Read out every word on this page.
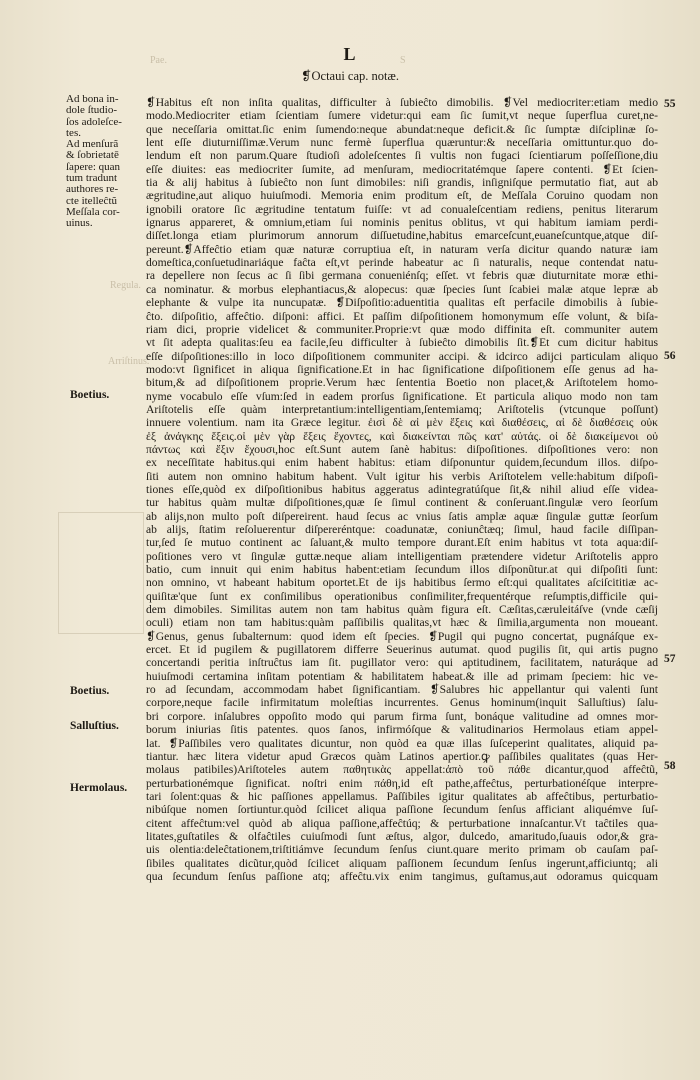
Pae.	S
Regula.
Arriſtinus.
L
❡Octaui cap. notæ.
Ad bona in-
dole ſtudio-
ſos adoleſce-
tes.
Ad menſurã
& ſobrietatē
ſapere: quan
tum tradunt
authores re-
cte itelleĉtũ
Meſſala cor-
uinus.
Boetius.
Boetius.
Salluſtius.
Hermolaus.
55
56
57
58
❡Habitus eſt non inſita qualitas, difficulter à ſubieĉto dimobilis. ❡Vel mediocriter:etiam medio
modo.Mediocriter etiam ſcientiam ſumere videtur:qui eam ſic ſumit,vt neque ſuperflua curet,ne-
que neceſſaria omittat.ſic enim ſumendo:neque abundat:neque deficit.& ſic ſumptæ diſciplinæ ſo-
lent eſſe diuturniſſimæ.Verum nunc fermè ſuperflua quæruntur:& neceſſaria omittuntur.quo do-
lendum eſt non parum.Quare ſtudioſi adoleſcentes ſi vultis non fugaci ſcientiarum poſſeſſione,diu
eſſe diuites: eas mediocriter ſumite, ad menſuram, mediocritatémque ſapere contenti. ❡Et ſcien-
tia & alij habitus à ſubieĉto non ſunt dimobiles: niſi grandis, inſigniſque permutatio fiat, aut ab
ægritudine,aut aliquo huiuſmodi. Memoria enim proditum eſt, de Meſſala Coruino quodam non
ignobili oratore ſic ægritudine tentatum fuiſſe: vt ad conualeſcentiam rediens, penitus literarum
ignarus appareret, & omnium,etiam ſui nominis penitus oblitus, vt qui habitum iamiam perdi-
diſſet.longa etiam plurimorum annorum diſſuetudine,habitus emarceſcunt,euaneſcuntque,atque diſ-
pereunt.❡Affeĉtio etiam quæ naturæ corruptiua eſt, in naturam verſa dicitur quando naturæ iam
domeſtica,conſuetudinariáque faĉta eſt,vt perinde habeatur ac ſi naturalis, neque contendat natu-
ra depellere non ſecus ac ſi ſibi germana conueniénſq; eſſet. vt febris quæ diuturnitate moræ ethi-
ca nominatur. & morbus elephantiacus,& alopecus: quæ ſpecies ſunt ſcabiei malæ atque lepræ ab
elephante & vulpe ita nuncupatæ. ❡Diſpoſitio:aduentitia qualitas eſt perfacile dimobilis à ſubie-
ĉto. diſpoſitio, affeĉtio. diſponi: affici. Et paſſim diſpoſitionem homonymum eſſe volunt, & biſa-
riam dici, proprie videlicet & communiter.Proprie:vt quæ modo diffinita eſt. communiter autem
vt ſit adepta qualitas:ſeu ea facile,ſeu difficulter à ſubieĉto dimobilis ſit.❡Et cum dicitur habitus
eſſe diſpoſitiones:illo in loco diſpoſitionem communiter accipi. & idcirco adijci particulam aliquo
modo:vt ſignificet in aliqua ſignificatione.Et in hac ſignificatione diſpoſitionem eſſe genus ad ha-
bitum,& ad diſpoſitionem proprie.Verum hæc ſententia Boetio non placet,& Ariſtotelem homo-
nyme vocabulo eſſe vſum:ſed in eadem prorſus ſignificatione. Et particula aliquo modo non tam
Ariſtotelis eſſe quàm interpretantium:intelligentiam,ſentemiamq; Ariſtotelis (vtcunque poſſunt)
innuere volentium. nam ita Græce legitur. ἐισὶ δὲ αἱ μὲν ἕξεις καὶ διαθέσεις, αἱ δὲ διαθέσεις οὐκ
ἐξ ἀνάγκης ἕξεις.οἱ μὲν γὰρ ἕξεις ἔχοντες, καὶ διακείνται πῶς κατ' αὐτάς. οἱ δὲ διακείμενοι οὐ
πάντως καὶ ἕξιν ἔχουσι,hoc eſt.Sunt autem ſanè habitus: diſpoſitiones. diſpoſitiones vero: non
ex neceſſitate habitus.qui enim habent habitus: etiam diſponuntur quidem,ſecundum illos. diſpo-
ſiti autem non omnino habitum habent. Vult igitur his verbis Ariſtotelem velle:habitum diſpoſi-
tiones eſſe,quòd ex diſpoſitionibus habitus aggeratus adintegratúſque ſit,& nihil aliud eſſe videa-
tur habitus quàm multæ diſpoſitiones,quæ ſe ſimul continent & conſeruant.ſingulæ vero ſeorſum
ab alijs,non multo poſt diſpereirent. haud ſecus ac vnius ſatis amplæ aquæ ſingulæ guttæ ſeorſum
ab alijs, ſtatim reſoluerentur diſpereréntque: coadunatæ, coniunĉtæq; ſimul, haud facile diſſipan-
tur,ſed ſe mutuo continent ac ſaluant,& multo tempore durant.Eſt enim habitus vt tota aqua:diſ-
poſitiones vero vt ſingulæ guttæ.neque aliam intelligentiam prætendere videtur Ariſtotelis appro
batio, cum innuit qui enim habitus habent:etiam ſecundum illos diſponũtur.at qui diſpoſiti ſunt:
non omnino, vt habeant habitum oportet.Et de ijs habitibus ſermo eſt:qui qualitates aſciſcititiæ ac-
quiſitæ'que ſunt ex conſimilibus operationibus conſimiliter,frequentérque reſumptis,difficile qui-
dem dimobiles. Similitas autem non tam habitus quàm figura eſt. Cæſitas,cæruleitáſve (vnde cæſij
oculi) etiam non tam habitus:quàm paſſibilis qualitas,vt hæc & ſimilia,argumenta non moueant.
❡Genus, genus ſubalternum: quod idem eſt ſpecies. ❡Pugil qui pugno concertat, pugnáſque ex-
ercet. Et id pugilem & pugillatorem differre Seuerinus autumat. quod pugilis ſit, qui artis pugno
concertandi peritia inſtruĉtus iam ſit. pugillator vero: qui aptitudinem, facilitatem, naturáque ad
huiuſmodi certamina inſitam potentiam & habilitatem habeat.& ille ad primam ſpeciem: hic ve-
ro ad ſecundam, accommodam habet ſignificantiam. ❡Salubres hic appellantur qui valenti ſunt
corpore,neque facile infirmitatum moleſtias incurrentes. Genus hominum(inquit Salluſtius) ſalu-
bri corpore. inſalubres oppoſito modo qui parum firma ſunt, bonáque valitudine ad omnes mor-
borum iniurias ſitis patentes. quos ſanos, infirmóſque & valitudinarios Hermolaus etiam appel-
lat. ❡Paſſibiles vero qualitates dicuntur, non quòd ea quæ illas ſuſceperint qualitates, aliquid pa-
tiantur. hæc litera videtur apud Græcos quàm Latinos apertior.ꝙ paſſibiles qualitates (quas Her-
molaus patibiles)Ariſtoteles autem παθητικὰς appellat:ἀπὸ τοῦ πάθε dicantur,quod affeĉtũ,
perturbationémque ſignificat. noſtri enim πάθη,id eſt pathe,affeĉtus, perturbationéſque interpre-
tari ſolent:quas & hic paſſiones appellamus. Paſſibiles igitur qualitates ab affeĉtibus, perturbatio-
nibúſque nomen ſortiuntur.quòd ſcilicet aliqua paſſione ſecundum ſenſus afficiant aliquémve ſuſ-
citent affeĉtum:vel quòd ab aliqua paſſione,affeĉtúq; & perturbatione innaſcantur.Vt taĉtiles qua-
litates,guſtatiles & olfaĉtiles cuiuſmodi ſunt æſtus, algor, dulcedo, amaritudo,ſuauis odor,& gra-
uis olentia:deleĉtationem,triſtitiámve ſecundum ſenſus ciunt.quare merito primam ob cauſam paſ-
ſibiles qualitates dicũtur,quòd ſcilicet aliquam paſſionem ſecundum ſenſus ingerunt,afficiuntq; ali
qua ſecundum ſenſus paſſione atq; affeĉtu.vix enim tangimus, guſtamus,aut odoramus quicquam
